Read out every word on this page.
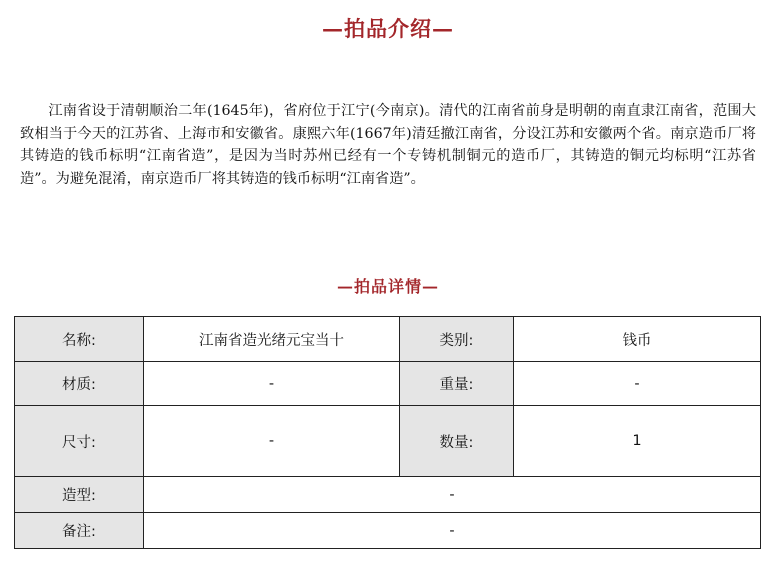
—拍品介绍—

江南省设于清朝顺治二年(1645年)，省府位于江宁(今南京)。清代的江南省前身是明朝的南直隶江南省，范围大致相当于今天的江苏省、上海市和安徽省。康熙六年(1667年)清廷撤江南省，分设江苏和安徽两个省。南京造币厂将其铸造的钱币标明“江南省造”，是因为当时苏州已经有一个专铸机制铜元的造币厂，其铸造的铜元均标明“江苏省造”。为避免混淆，南京造币厂将其铸造的钱币标明“江南省造”。

—拍品详情—
名称:	江南省造光绪元宝当十	类别:	钱币
材质:	-	重量:	-
尺寸:	-	数量:	1
造型:	-		
备注:	-		
